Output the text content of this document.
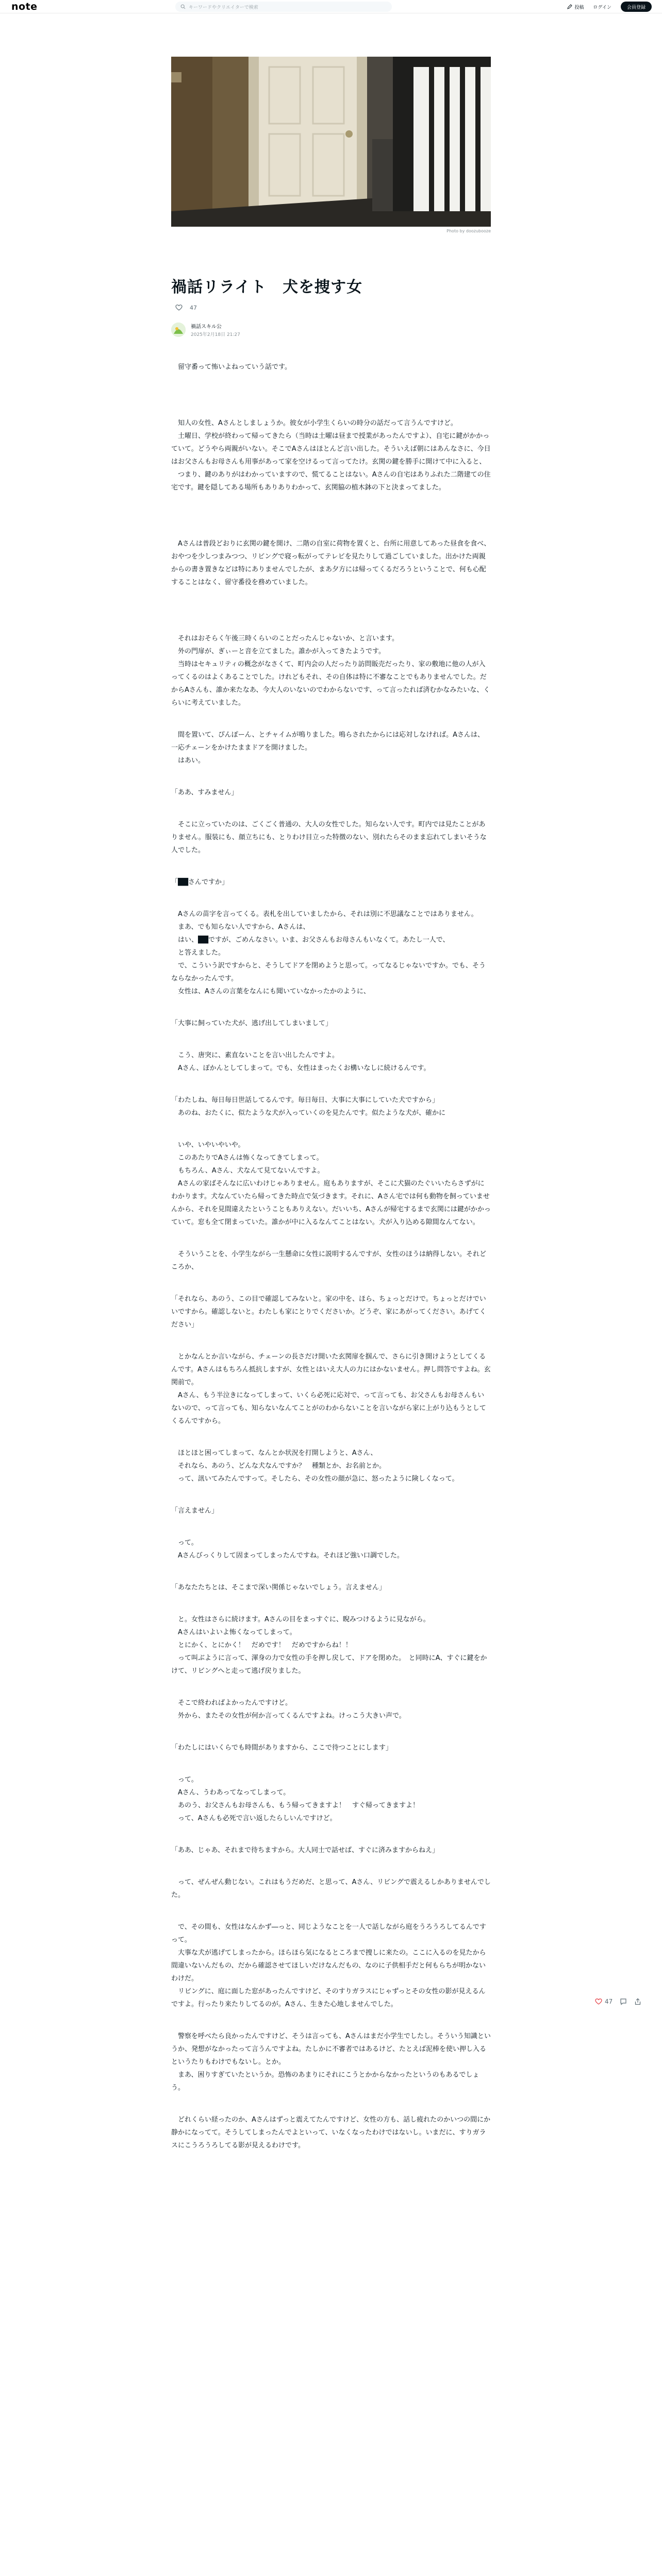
note	キーワードやクリエイターで検索	投稿 ログイン	会員登録
Photo by doozubooze
禍話リライト　犬を捜す女
47
禍話スキル公
2025年2月18日 21:27
　留守番って怖いよねっていう話です。
　知人の女性、Aさんとしましょうか。彼女が小学生くらいの時分の話だって言うんですけど。
　土曜日、学校が終わって帰ってきたら（当時は土曜は昼まで授業があったんですよ）、自宅に鍵がかかっていて。どうやら両親がいない。そこでAさんはほとんど言い出した。そういえば朝にはあんなさに、今日はお父さんもお母さんも用事があって家を空けるって言ってたけ。玄関の鍵を勝手に開けて中に入ると、
　つまり、鍵のありがはわかっていますので、慌てることはない。Aさんの自宅はありふれた二階建ての住宅です。鍵を隠してある場所もありありわかって、玄関脇の植木鉢の下と決まってました。
　Aさんは普段どおりに玄関の鍵を開け、二階の自室に荷物を置くと、台所に用意してあった昼食を食べ、おやつを少しつまみつつ、リビングで寝っ転がってテレビを見たりして過ごしていました。出かけた両親からの書き置きなどは特にありませんでしたが、まあ夕方には帰ってくるだろうということで、何も心配することはなく、留守番役を務めていました。
　それはおそらく午後三時くらいのことだったんじゃないか、と言います。
　外の門扉が、ぎぃーと音を立てました。誰かが入ってきたようです。
　当時はセキュリティの概念がなさくて、町内会の人だったり訪問販売だったり、家の敷地に他の人が入ってくるのはよくあることでした。けれどもそれ、その自体は特に不審なことでもありませんでした。だからAさんも、誰か来たなあ、今大人のいないのでわからないです、って言ったれば済むかなみたいな、くらいに考えていました。
　間を置いて、ぴんぽーん、とチャイムが鳴りました。鳴らされたからには応対しなければ。Aさんは、一応チェーンをかけたままドアを開けました。
　はあい。
「ああ、すみません」
　そこに立っていたのは、ごくごく普通の、大人の女性でした。知らない人です。町内では見たことがありません。服装にも、顔立ちにも、とりわけ目立った特徴のない、別れたらそのまま忘れてしまいそうな人でした。
「██さんですか」
　Aさんの苗字を言ってくる。表札を出していましたから、それは別に不思議なことではありません。
　まあ、でも知らない人ですから、Aさんは、
　はい、██ですが、ごめんなさい。いま、お父さんもお母さんもいなくて。あたし一人で、
　と答えました。
　で、こういう訳ですからと、そうしてドアを閉めようと思って。ってなるじゃないですか。でも、そうならなかったんです。
　女性は、Aさんの言葉をなんにも聞いていなかったかのように、
「大事に飼っていた犬が、逃げ出してしまいまして」
　こう、唐突に、素直ないことを言い出したんですよ。
　Aさん、ぽかんとしてしまって。でも、女性はまったくお構いなしに続けるんです。
「わたしね、毎日毎日世話してるんです。毎日毎日、大事に大事にしていた犬ですから」
　あのね、おたくに、似たような犬が入っていくのを見たんです。似たような犬が、確かに
　いや、いやいやいや。
　このあたりでAさんは怖くなってきてしまって。
　もちろん、Aさん、犬なんて見てないんですよ。
　Aさんの家ばそんなに広いわけじゃありません。庭もありますが、そこに犬猫のたぐいいたらさずがにわかります。犬なんていたら帰ってきた時点で気づきます。それに、Aさん宅では何も動物を飼っていませんから、それを見間違えたということもありえない。だいいち、Aさんが帰宅するまで玄関には鍵がかかっていて。窓も全て閉まっていた。誰かが中に入るなんてことはない。犬が入り込める隙間なんてない。
　そういうことを、小学生ながら一生懸命に女性に説明するんですが、女性のほうは納得しない。それどころか、
「それなら、あのう、この目で確認してみないと。家の中を、ほら、ちょっとだけで。ちょっとだけでいいですから。確認しないと。わたしも家にとりでくださいか。どうぞ、家にあがってください。あげてください」
　とかなんとか言いながら、チェーンの長さだけ開いた玄関扉を掴んで、さらに引き開けようとしてくるんです。Aさんはもちろん抵抗しますが、女性とはいえ大人の力にはかないません。押し問答ですよね。玄関前で。
　Aさん、もう半泣きになってしまって、いくら必死に応対で、って言っても、お父さんもお母さんもいないので、って言っても、知らないなんてことがのわからないことを言いながら家に上がり込もうとしてくるんですから。
　ほとほと困ってしまって、なんとか状況を打開しようと、Aさん、
　それなら、あのう、どんな犬なんですか？　種類とか、お名前とか。
　って、訊いてみたんですって。そしたら、その女性の顔が急に、怒ったように険しくなって。
「言えません」
　って。
　Aさんびっくりして固まってしまったんですね。それほど強い口調でした。
「あなたたちとは、そこまで深い関係じゃないでしょう。言えません」
　と。女性はさらに続けます。Aさんの目をまっすぐに、睨みつけるように見ながら。
　Aさんはいよいよ怖くなってしまって。
　とにかく、とにかく！　だめです！　だめですからね！！
　って叫ぶように言って、渾身の力で女性の手を押し戻して、ドアを閉めた。　と同時にA、すぐに鍵をかけて、リビングへと走って逃げ戻りました。
　そこで終わればよかったんですけど。
　外から、またその女性が何か言ってくるんですよね。けっこう大きい声で。
「わたしにはいくらでも時間がありますから、ここで待つことにします」
　って。
　Aさん、うわあってなってしまって。
　あのう、お父さんもお母さんも、もう帰ってきますよ！　すぐ帰ってきますよ！
　って、Aさんも必死で言い返したらしいんですけど。
「ああ、じゃあ、それまで待ちますから。大人同士で話せば、すぐに済みますからねえ」
　って、ぜんぜん動じない。これはもうだめだ、と思って、Aさん、リビングで震えるしかありませんでした。
　で、その間も、女性はなんかず―っと、同じようなことを一人で話しながら庭をうろうろしてるんですって。
　大事な犬が逃げてしまったから。ほらほら気になるところまで捜しに来たの。ここに入るのを見たから間違いないんだもの、だから確認させてほしいだけなんだもの、なのに子供相手だと何もらちが明かないわけだ。
　リビングに、庭に面した窓があったんですけど、そのすりガラスにじゃずっとその女性の影が見えるんですよ。行ったり来たりしてるのが。Aさん、生きた心地しませんでした。
　警察を呼べたら良かったんですけど、そうは言っても、Aさんはまだ小学生でしたし。そういう知識というか、発想がなかったって言うんですよね。たしかに不審者ではあるけど、たとえば泥棒を使い押し入るというたりもわけでもないし。とか。
　まあ、困りすぎていたというか。恐怖のあまりにそれにこうとかからなかったというのもあるでしょう。
　どれくらい経ったのか、Aさんはずっと震えてたんですけど、女性の方も、話し疲れたのかいつの間にか静かになってて。そうしてしまったんでよといって、いなくなったわけではないし。いまだに、すりガラスにこうろうろしてる影が見えるわけです。
47
